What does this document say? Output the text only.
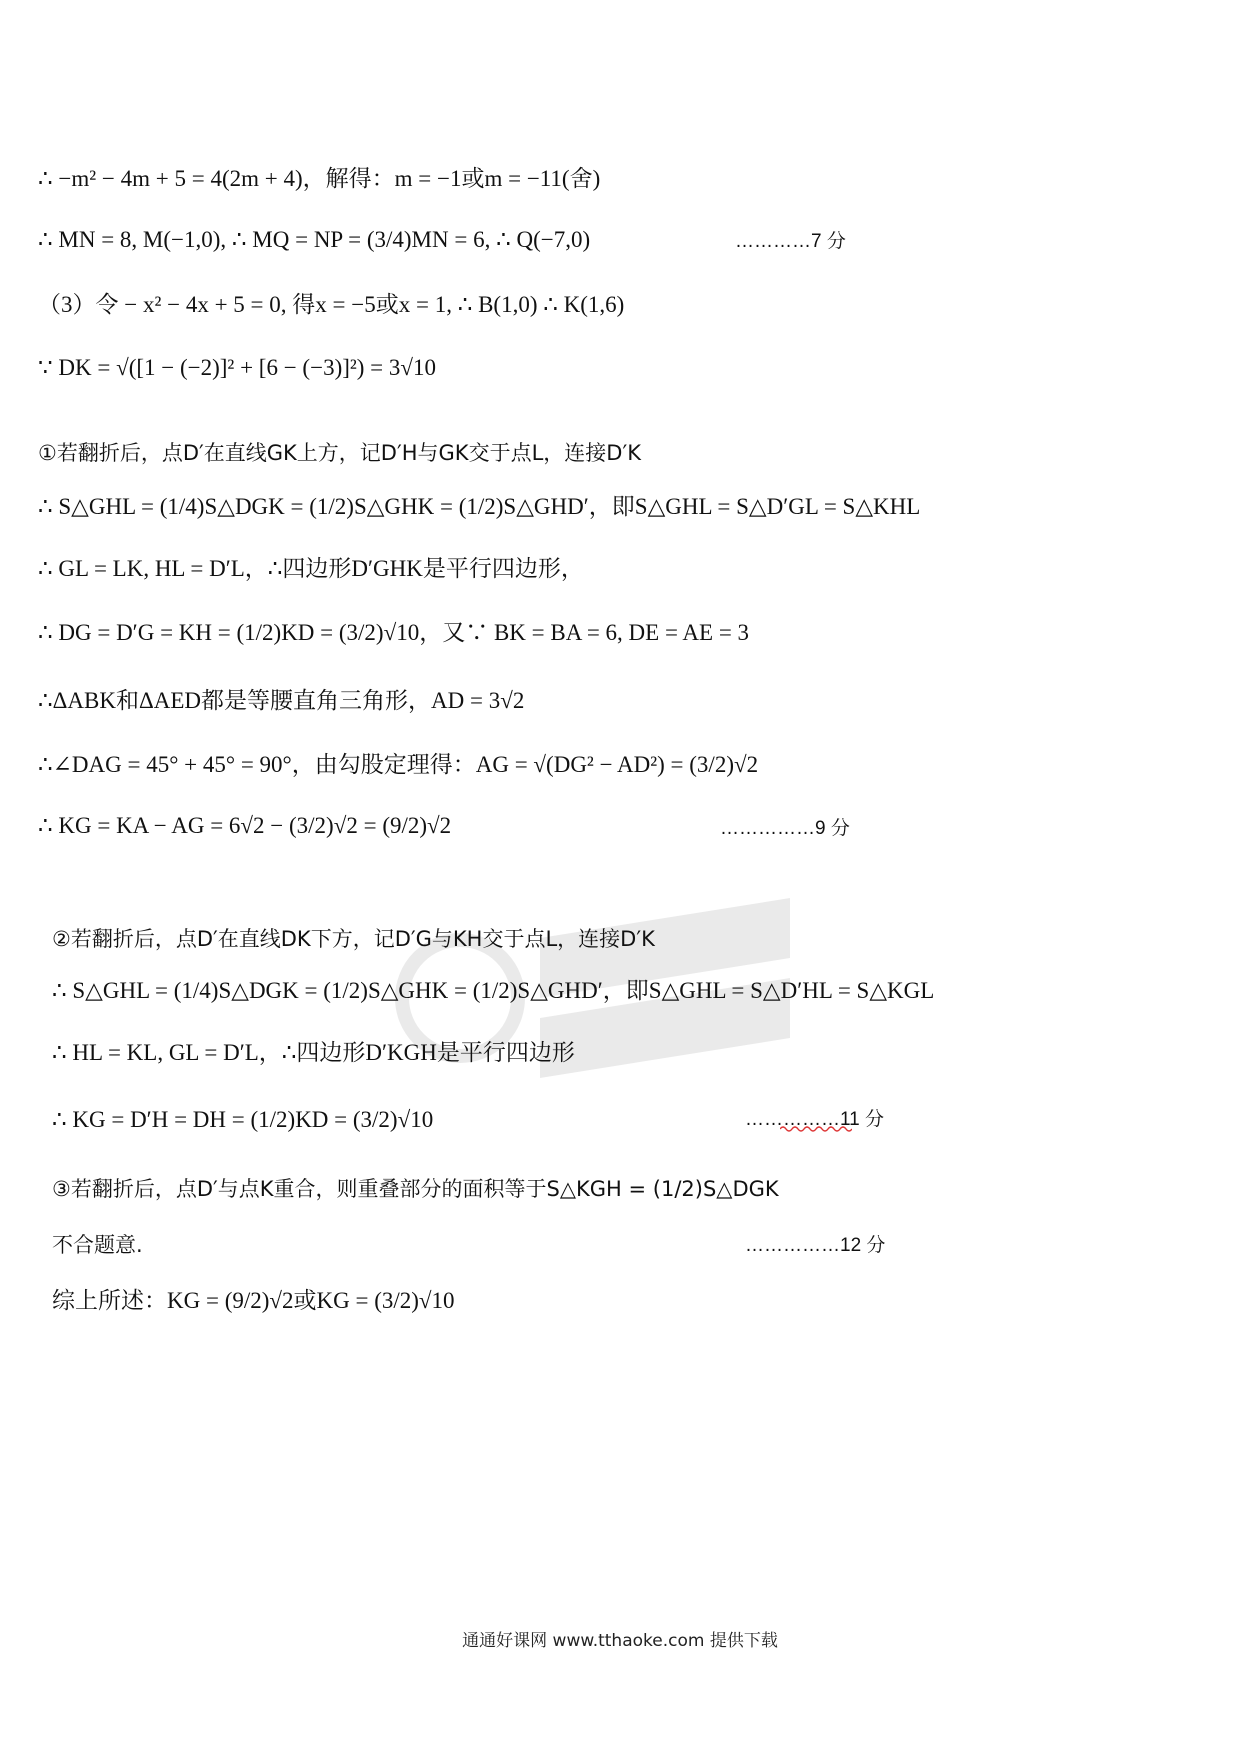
∴ −m² − 4m + 5 = 4(2m + 4)，解得：m = −1或m = −11(舍)
∴ MN = 8, M(−1,0), ∴ MQ = NP = (3/4)MN = 6, ∴ Q(−7,0)	…………7 分
（3）令 − x² − 4x + 5 = 0, 得x = −5或x = 1, ∴ B(1,0) ∴ K(1,6)
∵ DK = √([1 − (−2)]² + [6 − (−3)]²) = 3√10
①若翻折后，点D′在直线GK上方，记D′H与GK交于点L，连接D′K
∴ S△GHL = (1/4)S△DGK = (1/2)S△GHK = (1/2)S△GHD′，即S△GHL = S△D′GL = S△KHL
∴ GL = LK, HL = D′L，∴四边形D′GHK是平行四边形，
∴ DG = D′G = KH = (1/2)KD = (3/2)√10，又∵ BK = BA = 6, DE = AE = 3
∴ΔABK和ΔAED都是等腰直角三角形，AD = 3√2
∴∠DAG = 45° + 45° = 90°，由勾股定理得：AG = √(DG² − AD²) = (3/2)√2
∴ KG = KA − AG = 6√2 − (3/2)√2 = (9/2)√2	……………9 分
②若翻折后，点D′在直线DK下方，记D′G与KH交于点L，连接D′K
∴ S△GHL = (1/4)S△DGK = (1/2)S△GHK = (1/2)S△GHD′，即S△GHL = S△D′HL = S△KGL
∴ HL = KL, GL = D′L，∴四边形D′KGH是平行四边形
∴ KG = D′H = DH = (1/2)KD = (3/2)√10	……………11 分
③若翻折后，点D′与点K重合，则重叠部分的面积等于S△KGH = (1/2)S△DGK
不合题意.	……………12 分
综上所述：KG = (9/2)√2或KG = (3/2)√10
通通好课网 www.tthaoke.com 提供下载
